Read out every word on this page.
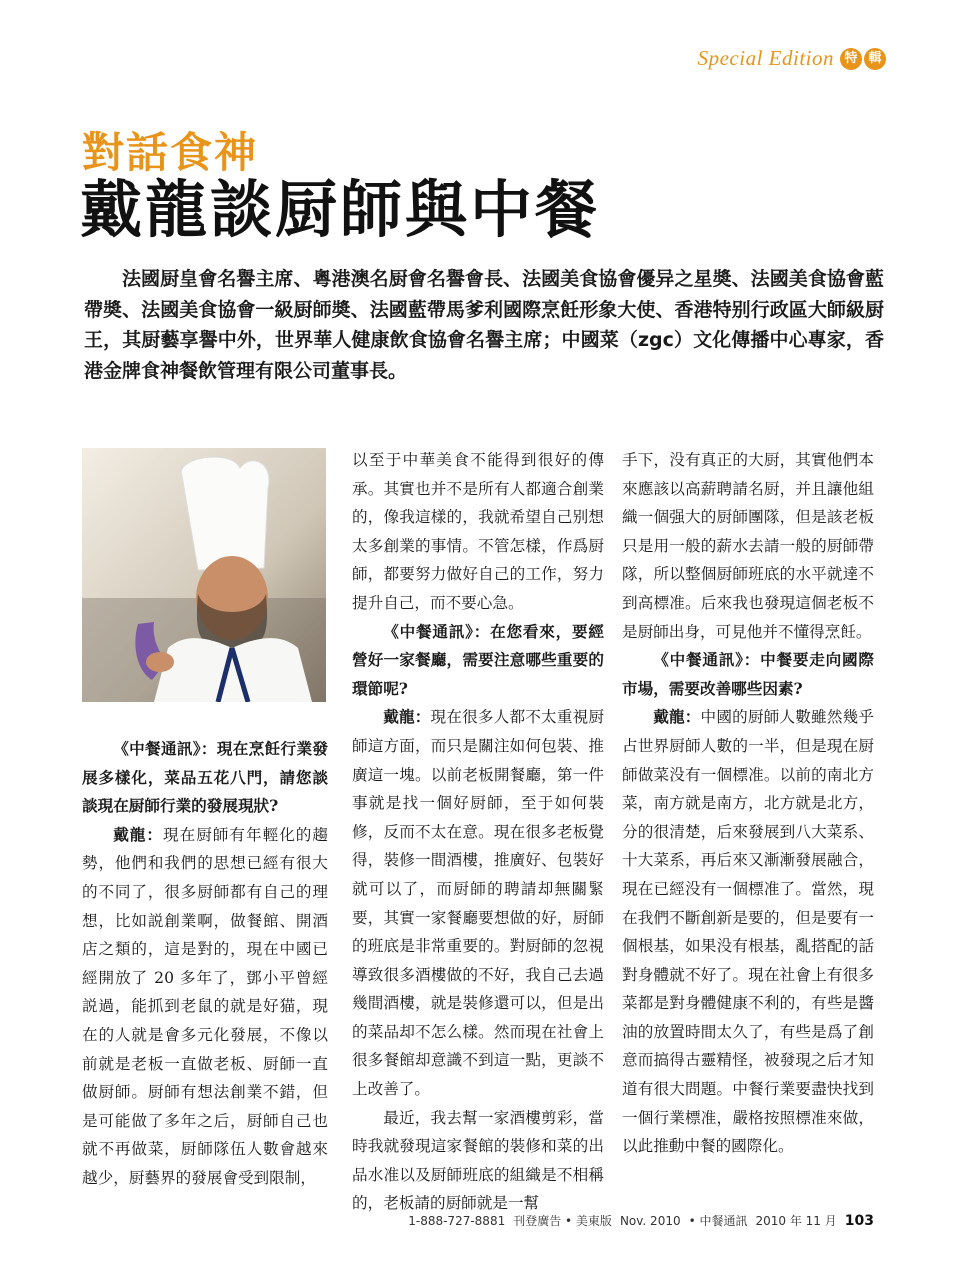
Special Edition 特 輯
對話食神
戴龍談厨師與中餐
法國厨皇會名譽主席、粵港澳名厨會名譽會長、法國美食協會優异之星奬、法國美食協會藍帶奬、法國美食協會一級厨師奬、法國藍帶馬爹利國際烹飪形象大使、香港特别行政區大師級厨王，其厨藝享譽中外，世界華人健康飲食協會名譽主席；中國菜（zgc）文化傳播中心專家，香港金牌食神餐飲管理有限公司董事長。

《中餐通訊》：現在烹飪行業發展多樣化，菜品五花八門，請您談談現在厨師行業的發展現狀?

戴龍：現在厨師有年輕化的趨勢，他們和我們的思想已經有很大的不同了，很多厨師都有自己的理想，比如説創業啊，做餐館、開酒店之類的，這是對的，現在中國已經開放了 20 多年了，鄧小平曾經説過，能抓到老鼠的就是好猫，現在的人就是會多元化發展，不像以前就是老板一直做老板、厨師一直做厨師。厨師有想法創業不錯，但是可能做了多年之后，厨師自己也就不再做菜，厨師隊伍人數會越來越少，厨藝界的發展會受到限制，

以至于中華美食不能得到很好的傳承。其實也并不是所有人都適合創業的，像我這樣的，我就希望自己别想太多創業的事情。不管怎樣，作爲厨師，都要努力做好自己的工作，努力提升自己，而不要心急。

《中餐通訊》：在您看來，要經營好一家餐廳，需要注意哪些重要的環節呢?

戴龍：現在很多人都不太重視厨師這方面，而只是關注如何包裝、推廣這一塊。以前老板開餐廳，第一件事就是找一個好厨師，至于如何裝修，反而不太在意。現在很多老板覺得，裝修一間酒樓，推廣好、包裝好就可以了，而厨師的聘請却無關緊要，其實一家餐廳要想做的好，厨師的班底是非常重要的。對厨師的忽視導致很多酒樓做的不好，我自己去過幾間酒樓，就是裝修還可以，但是出的菜品却不怎么樣。然而現在社會上很多餐館却意識不到這一點，更談不上改善了。

最近，我去幫一家酒樓剪彩，當時我就發現這家餐館的裝修和菜的出品水准以及厨師班底的組織是不相稱的，老板請的厨師就是一幫

手下，没有真正的大厨，其實他們本來應該以高薪聘請名厨，并且讓他組織一個强大的厨師團隊，但是該老板只是用一般的薪水去請一般的厨師帶隊，所以整個厨師班底的水平就達不到高標准。后來我也發現這個老板不是厨師出身，可見他并不懂得烹飪。

《中餐通訊》：中餐要走向國際市場，需要改善哪些因素?

戴龍：中國的厨師人數雖然幾乎占世界厨師人數的一半，但是現在厨師做菜没有一個標准。以前的南北方菜，南方就是南方，北方就是北方，分的很清楚，后來發展到八大菜系、十大菜系，再后來又漸漸發展融合，現在已經没有一個標准了。當然，現在我們不斷創新是要的，但是要有一個根基，如果没有根基，亂搭配的話對身體就不好了。現在社會上有很多菜都是對身體健康不利的，有些是醬油的放置時間太久了，有些是爲了創意而搞得古靈精怪，被發現之后才知道有很大問題。中餐行業要盡快找到一個行業標准，嚴格按照標准來做，以此推動中餐的國際化。

1-888-727-8881 刊登廣告 • 美東版 Nov. 2010 • 中餐通訊 2010 年 11 月 103
